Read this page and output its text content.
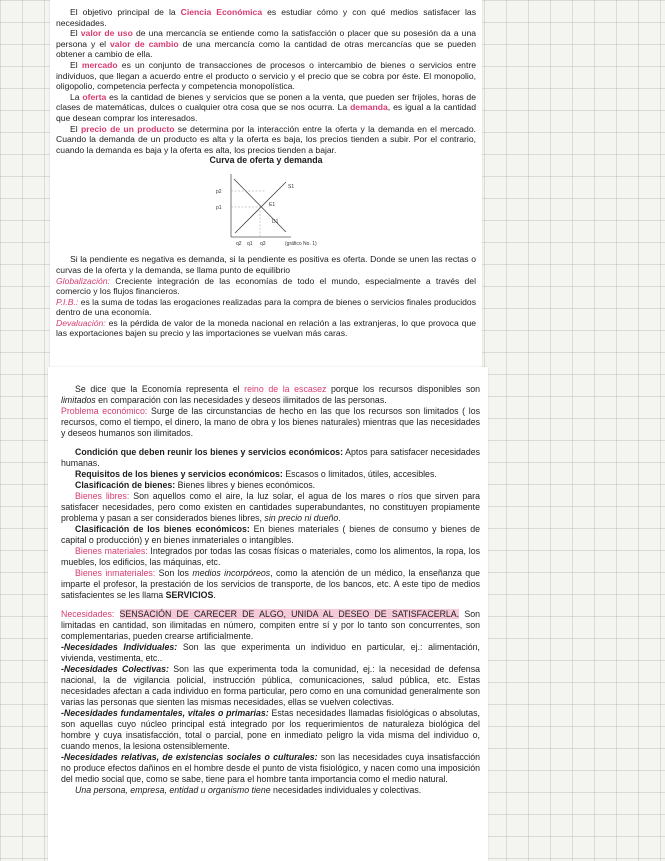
El objetivo principal de la Ciencia Económica es estudiar cómo y con qué medios satisfacer las necesidades.

El valor de uso de una mercancía se entiende como la satisfacción o placer que su posesión da a una persona y el valor de cambio de una mercancía como la cantidad de otras mercancías que se pueden obtener a cambio de ella.

El mercado es un conjunto de transacciones de procesos o intercambio de bienes o servicios entre individuos, que llegan a acuerdo entre el producto o servicio y el precio que se cobra por éste. El monopolio, oligopolio, competencia perfecta y competencia monopolística.

La oferta es la cantidad de bienes y servicios que se ponen a la venta, que pueden ser frijoles, horas de clases de matemáticas, dulces o cualquier otra cosa que se nos ocurra. La demanda, es igual a la cantidad que desean comprar los interesados.

El precio de un producto se determina por la interacción entre la oferta y la demanda en el mercado. Cuando la demanda de un producto es alta y la oferta es baja, los precios tienden a subir. Por el contrario, cuando la demanda es baja y la oferta es alta, los precios tienden a bajar.

Curva de oferta y demanda

p2
p1
S1
E1
D1
q2 q1 q3	(gráfico No. 1)

Si la pendiente es negativa es demanda, si la pendiente es positiva es oferta. Donde se unen las rectas o curvas de la oferta y la demanda, se llama punto de equilibrio

Globalización: Creciente integración de las economías de todo el mundo, especialmente a través del comercio y los flujos financieros.

P.I.B.: es la suma de todas las erogaciones realizadas para la compra de bienes o servicios finales producidos dentro de una economía.

Devaluación: es la pérdida de valor de la moneda nacional en relación a las extranjeras, lo que provoca que las exportaciones bajen su precio y las importaciones se vuelvan más caras.

Se dice que la Economía representa el reino de la escasez porque los recursos disponibles son limitados en comparación con las necesidades y deseos ilimitados de las personas.

Problema económico: Surge de las circunstancias de hecho en las que los recursos son limitados ( los recursos, como el tiempo, el dinero, la mano de obra y los bienes naturales) mientras que las necesidades y deseos humanos son ilimitados.

Condición que deben reunir los bienes y servicios económicos: Aptos para satisfacer necesidades humanas.

Requisitos de los bienes y servicios económicos: Escasos o limitados, útiles, accesibles.

Clasificación de bienes: Bienes libres y bienes económicos.

Bienes libres: Son aquellos como el aire, la luz solar, el agua de los mares o ríos que sirven para satisfacer necesidades, pero como existen en cantidades superabundantes, no constituyen propiamente problema y pasan a ser considerados bienes libres, sin precio ni dueño.

Clasificación de los bienes económicos: En bienes materiales ( bienes de consumo y bienes de capital o producción) y en bienes inmateriales o intangibles.

Bienes materiales: Integrados por todas las cosas físicas o materiales, como los alimentos, la ropa, los muebles, los edificios, las máquinas, etc.

Bienes inmateriales: Son los medios incorpóreos, como la atención de un médico, la enseñanza que imparte el profesor, la prestación de los servicios de transporte, de los bancos, etc. A este tipo de medios satisfacientes se les llama SERVICIOS.

Necesidades: SENSACIÓN DE CARECER DE ALGO, UNIDA AL DESEO DE SATISFACERLA. Son limitadas en cantidad, son ilimitadas en número, compiten entre sí y por lo tanto son concurrentes, son complementarias, pueden crearse artificialmente.

-Necesidades Individuales: Son las que experimenta un individuo en particular, ej.: alimentación, vivienda, vestimenta, etc..

-Necesidades Colectivas: Son las que experimenta toda la comunidad, ej.: la necesidad de defensa nacional, la de vigilancia policial, instrucción pública, comunicaciones, salud pública, etc. Estas necesidades afectan a cada individuo en forma particular, pero como en una comunidad generalmente son varias las personas que sienten las mismas necesidades, ellas se vuelven colectivas.

-Necesidades fundamentales, vitales o primarias: Estas necesidades llamadas fisiológicas o absolutas, son aquellas cuyo núcleo principal está integrado por los requerimientos de naturaleza biológica del hombre y cuya insatisfacción, total o parcial, pone en inmediato peligro la vida misma del individuo o, cuando menos, la lesiona ostensiblemente.

-Necesidades relativas, de existencias sociales o culturales: son las necesidades cuya insatisfacción no produce efectos dañinos en el hombre desde el punto de vista fisiológico, y nacen como una imposición del medio social que, como se sabe, tiene para el hombre tanta importancia como el medio natural.

Una persona, empresa, entidad u organismo tiene necesidades individuales y colectivas.
